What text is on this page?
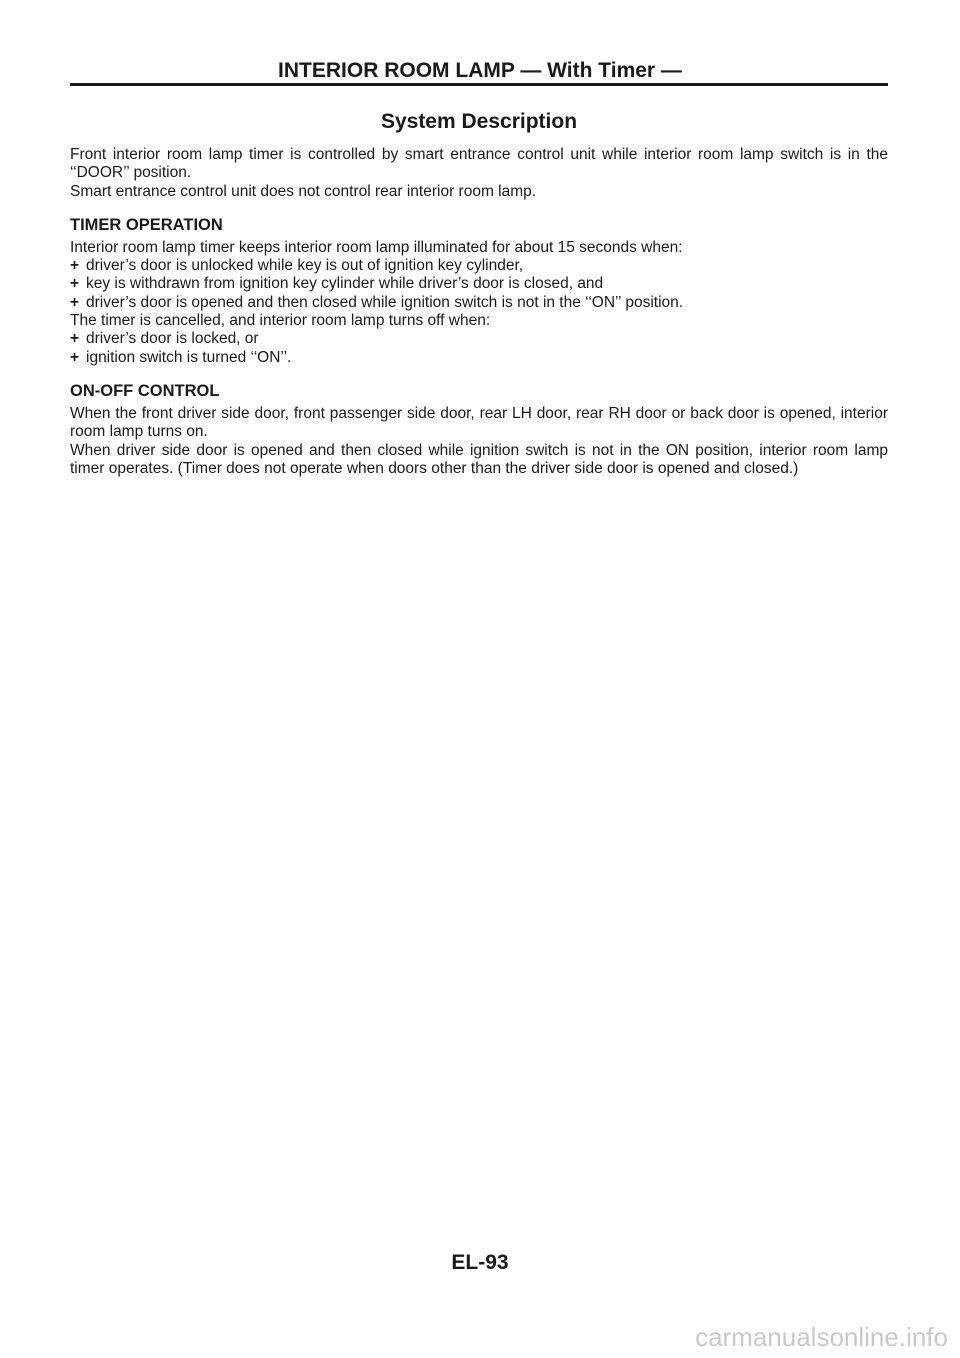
INTERIOR ROOM LAMP — With Timer —
System Description

Front interior room lamp timer is controlled by smart entrance control unit while interior room lamp switch is in the ‘‘DOOR’’ position.

Smart entrance control unit does not control rear interior room lamp.

TIMER OPERATION

Interior room lamp timer keeps interior room lamp illuminated for about 15 seconds when:

+ driver’s door is unlocked while key is out of ignition key cylinder,
+ key is withdrawn from ignition key cylinder while driver’s door is closed, and
+ driver’s door is opened and then closed while ignition switch is not in the ‘‘ON’’ position.

The timer is cancelled, and interior room lamp turns off when:

+ driver’s door is locked, or
+ ignition switch is turned ‘‘ON’’.
ON-OFF CONTROL

When the front driver side door, front passenger side door, rear LH door, rear RH door or back door is opened, interior room lamp turns on.

When driver side door is opened and then closed while ignition switch is not in the ON position, interior room lamp timer operates. (Timer does not operate when doors other than the driver side door is opened and closed.)

EL-93
carmanualsonline.info
